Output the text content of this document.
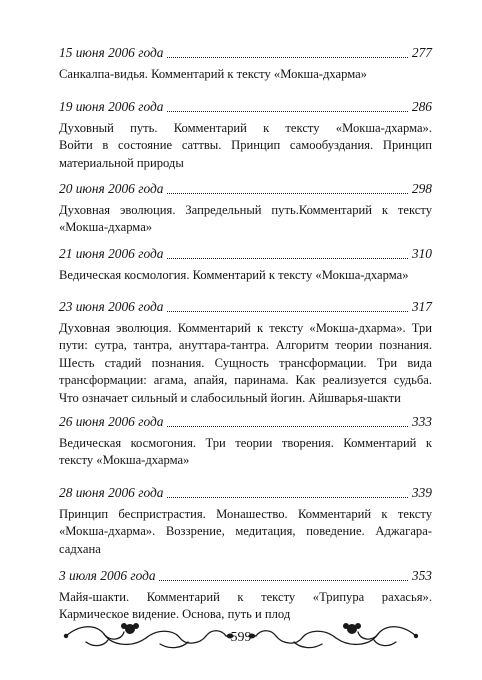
15 июня 2006 года	277
Санкалпа-видья. Комментарий к тексту «Мокша-дхарма»
19 июня 2006 года	286
Духовный путь. Комментарий к тексту «Мокша-дхарма».
Войти в состояние саттвы. Принцип самообуздания. Принцип
материальной природы
20 июня 2006 года	298
Духовная эволюция. Запредельный путь.Комментарий к тексту
«Мокша-дхарма»
21 июня 2006 года	310
Ведическая космология. Комментарий к тексту «Мокша-дхарма»
23 июня 2006 года	317
Духовная эволюция. Комментарий к тексту «Мокша-дхарма». Три
пути: сутра, тантра, ануттара-тантра. Алгоритм теории познания.
Шесть стадий познания. Сущность трансформации. Три вида
трансформации: агама, апайя, паринама. Как реализуется судьба.
Что означает сильный и слабосильный йогин. Айшварья-шакти
26 июня 2006 года	333
Ведическая космогония. Три теории творения. Комментарий к
тексту «Мокша-дхарма»
28 июня 2006 года	339
Принцип беспристрастия. Монашество. Комментарий к тексту
«Мокша-дхарма». Воззрение, медитация, поведение. Аджагара-
садхана
3 июля 2006 года	353
Майя-шакти. Комментарий к тексту «Трипура рахасья».
Кармическое видение. Основа, путь и плод
599
